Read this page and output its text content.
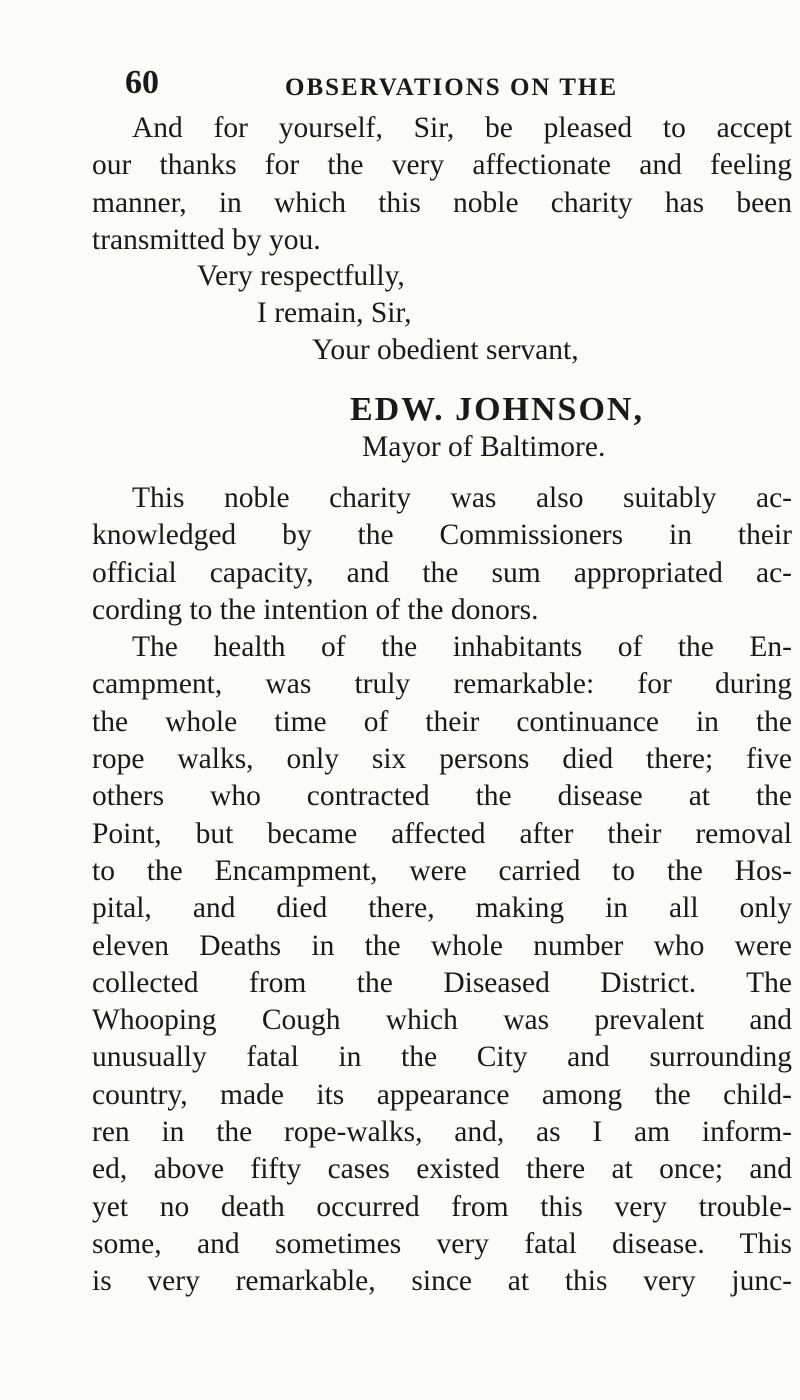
60	OBSERVATIONS ON THE
And for yourself, Sir, be pleased to accept
our thanks for the very affectionate and feeling
manner, in which this noble charity has been
transmitted by you.
Very respectfully,
I remain, Sir,
Your obedient servant,
EDW. JOHNSON,
Mayor of Baltimore.
This noble charity was also suitably ac-
knowledged by the Commissioners in their
official capacity, and the sum appropriated ac-
cording to the intention of the donors.
The health of the inhabitants of the En-
campment, was truly remarkable: for during
the whole time of their continuance in the
rope walks, only six persons died there; five
others who contracted the disease at the
Point, but became affected after their removal
to the Encampment, were carried to the Hos-
pital, and died there, making in all only
eleven Deaths in the whole number who were
collected from the Diseased District. The
Whooping Cough which was prevalent and
unusually fatal in the City and surrounding
country, made its appearance among the child-
ren in the rope-walks, and, as I am inform-
ed, above fifty cases existed there at once; and
yet no death occurred from this very trouble-
some, and sometimes very fatal disease. This
is very remarkable, since at this very junc-
